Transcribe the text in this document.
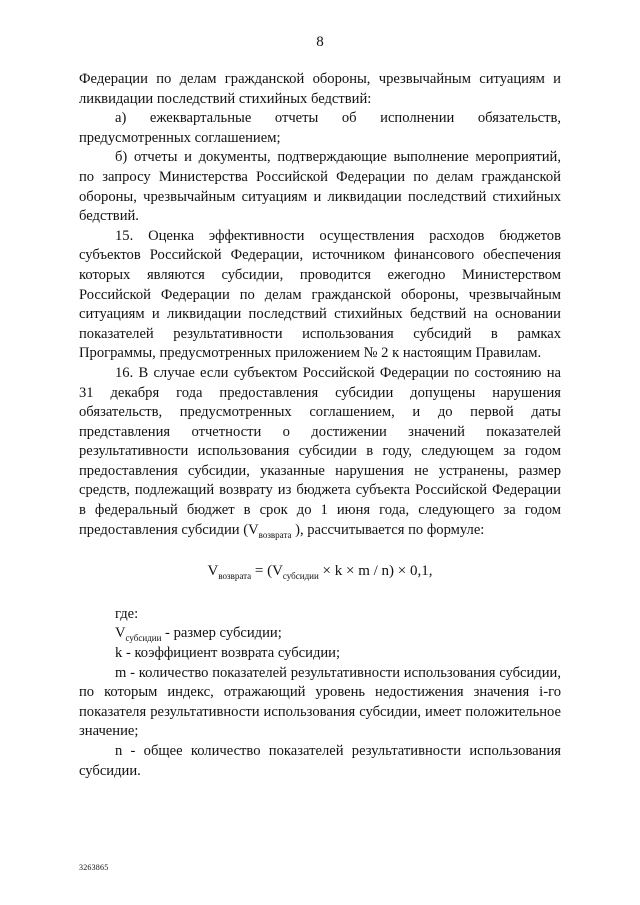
8

Федерации по делам гражданской обороны, чрезвычайным ситуациям и ликвидации последствий стихийных бедствий:

а) ежеквартальные отчеты об исполнении обязательств, предусмотренных соглашением;

б) отчеты и документы, подтверждающие выполнение мероприятий, по запросу Министерства Российской Федерации по делам гражданской обороны, чрезвычайным ситуациям и ликвидации последствий стихийных бедствий.

15. Оценка эффективности осуществления расходов бюджетов субъектов Российской Федерации, источником финансового обеспечения которых являются субсидии, проводится ежегодно Министерством Российской Федерации по делам гражданской обороны, чрезвычайным ситуациям и ликвидации последствий стихийных бедствий на основании показателей результативности использования субсидий в рамках Программы, предусмотренных приложением № 2 к настоящим Правилам.

16. В случае если субъектом Российской Федерации по состоянию на 31 декабря года предоставления субсидии допущены нарушения обязательств, предусмотренных соглашением, и до первой даты представления отчетности о достижении значений показателей результативности использования субсидии в году, следующем за годом предоставления субсидии, указанные нарушения не устранены, размер средств, подлежащий возврату из бюджета субъекта Российской Федерации в федеральный бюджет в срок до 1 июня года, следующего за годом предоставления субсидии ($V_{возврата}$ ), рассчитывается по формуле:

$V_{возврата} = (V_{субсидии} \times k \times m / n) \times 0,1$,

где:

$V_{субсидии}$ - размер субсидии;

k - коэффициент возврата субсидии;

m - количество показателей результативности использования субсидии, по которым индекс, отражающий уровень недостижения значения i-го показателя результативности использования субсидии, имеет положительное значение;

n - общее количество показателей результативности использования субсидии.

3263865
